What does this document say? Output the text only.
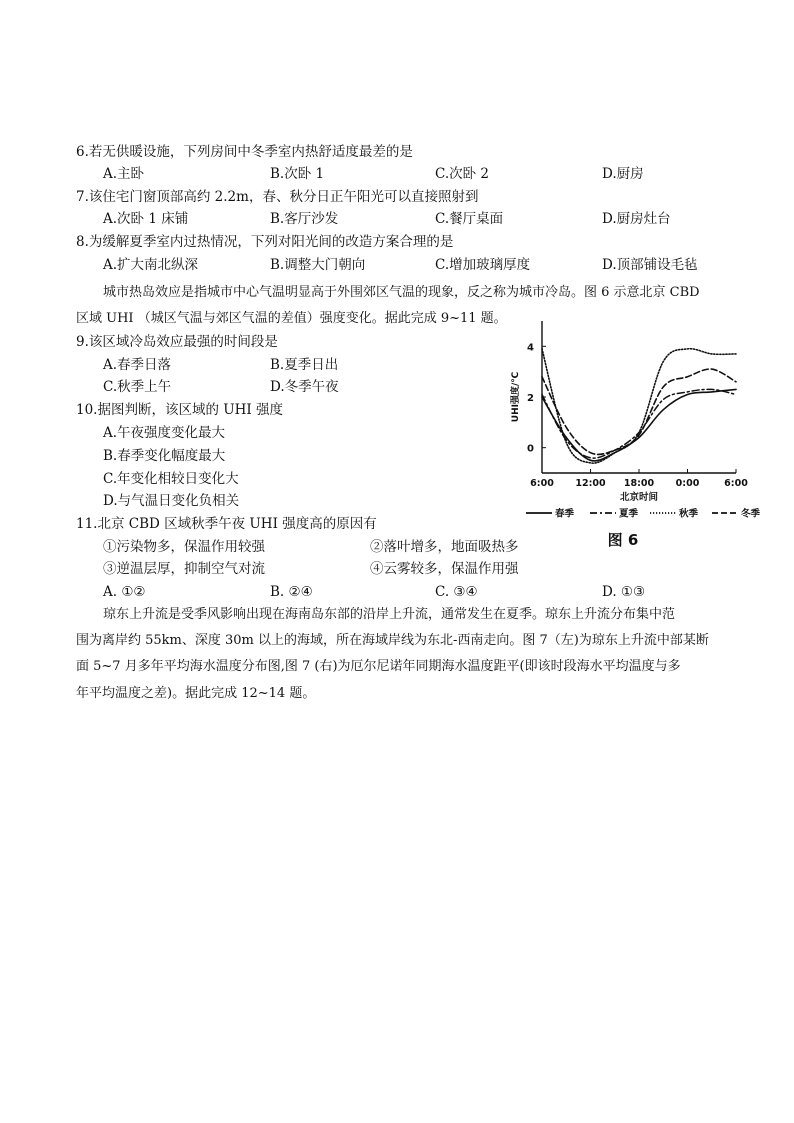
6.若无供暖设施，下列房间中冬季室内热舒适度最差的是
A.主卧	B.次卧 1	C.次卧 2	D.厨房
7.该住宅门窗顶部高约 2.2m，春、秋分日正午阳光可以直接照射到
A.次卧 1 床铺	B.客厅沙发	C.餐厅桌面	D.厨房灶台
8.为缓解夏季室内过热情况，下列对阳光间的改造方案合理的是
A.扩大南北纵深	B.调整大门朝向	C.增加玻璃厚度	D.顶部铺设毛毡
城市热岛效应是指城市中心气温明显高于外围郊区气温的现象，反之称为城市冷岛。图 6 示意北京 CBD
区域 UHI （城区气温与郊区气温的差值）强度变化。据此完成 9~11 题。
9.该区域冷岛效应最强的时间段是
A.春季日落	B.夏季日出
C.秋季上午	D.冬季午夜
10.据图判断，该区域的 UHI 强度
A.午夜强度变化最大
B.春季变化幅度最大
C.年变化相较日变化大
D.与气温日变化负相关
11.北京 CBD 区域秋季午夜 UHI 强度高的原因有
①污染物多，保温作用较强	②落叶增多，地面吸热多
③逆温层厚，抑制空气对流	④云雾较多，保温作用强
A. ①②	B. ②④	C. ③④	D. ①③
琼东上升流是受季风影响出现在海南岛东部的沿岸上升流，通常发生在夏季。琼东上升流分布集中范
围为离岸约 55km、深度 30m 以上的海域，所在海域岸线为东北-西南走向。图 7（左)为琼东上升流中部某断
面 5~7 月多年平均海水温度分布图,图 7 (右)为厄尔尼诺年同期海水温度距平(即该时段海水平均温度与多
年平均温度之差)。据此完成 12~14 题。
0
2
4
6:00 12:00 18:00 0:00	6:00
北京时间
UHI强度/℃
春季	夏季	秋季	冬季
图 6
